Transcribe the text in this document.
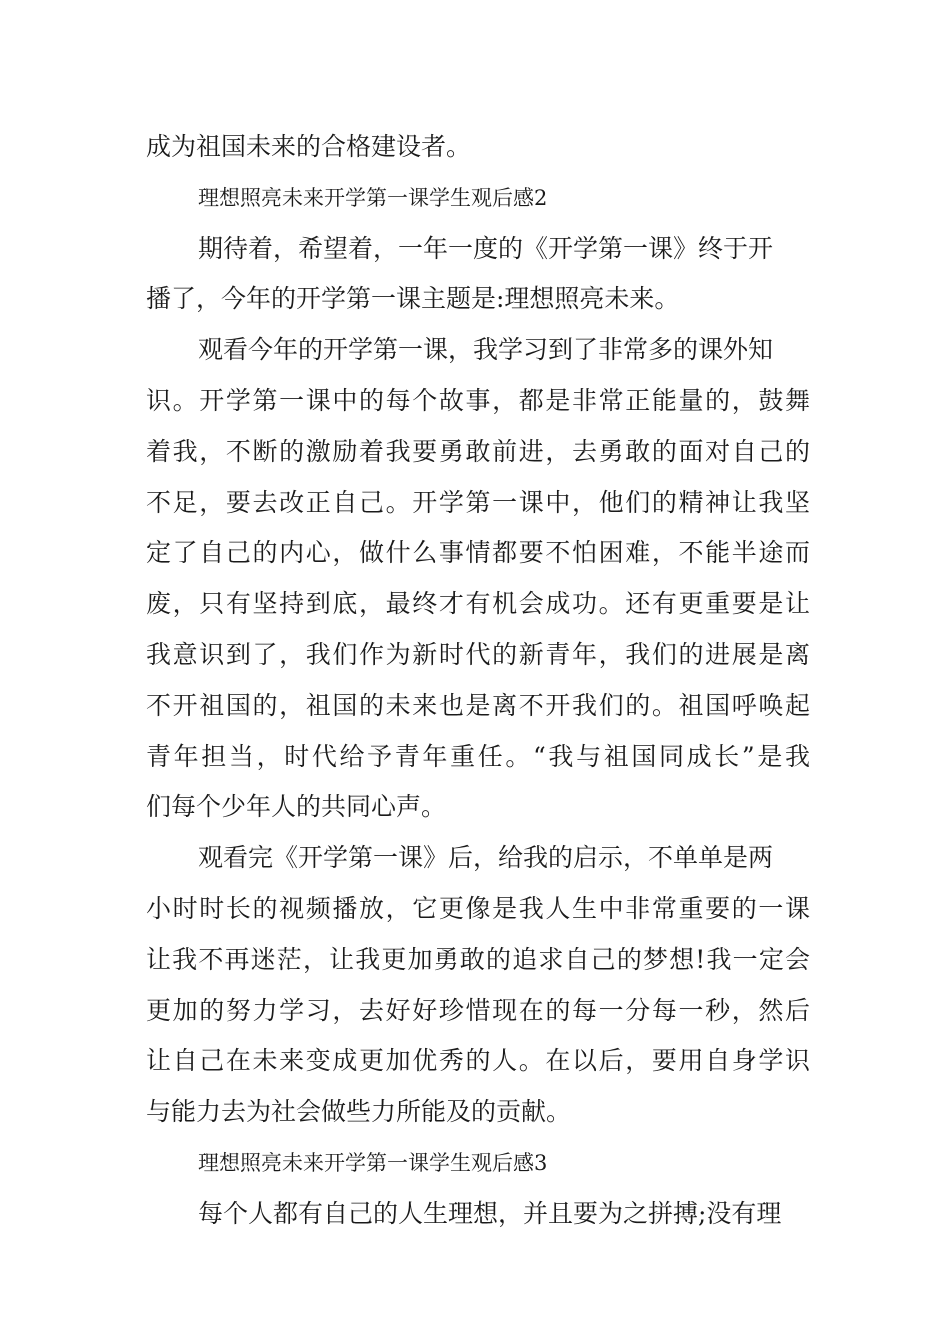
成为祖国未来的合格建设者。
理想照亮未来开学第一课学生观后感2
期待着，希望着，一年一度的《开学第一课》终于开
播了，今年的开学第一课主题是:理想照亮未来。
观看今年的开学第一课，我学习到了非常多的课外知
识。开学第一课中的每个故事，都是非常正能量的，鼓舞
着我，不断的激励着我要勇敢前进，去勇敢的面对自己的
不足，要去改正自己。开学第一课中，他们的精神让我坚
定了自己的内心，做什么事情都要不怕困难，不能半途而
废，只有坚持到底，最终才有机会成功。还有更重要是让
我意识到了，我们作为新时代的新青年，我们的进展是离
不开祖国的，祖国的未来也是离不开我们的。祖国呼唤起
青年担当，时代给予青年重任。“我与祖国同成长”是我
们每个少年人的共同心声。
观看完《开学第一课》后，给我的启示，不单单是两
小时时长的视频播放，它更像是我人生中非常重要的一课
让我不再迷茫，让我更加勇敢的追求自己的梦想!我一定会
更加的努力学习，去好好珍惜现在的每一分每一秒，然后
让自己在未来变成更加优秀的人。在以后，要用自身学识
与能力去为社会做些力所能及的贡献。
理想照亮未来开学第一课学生观后感3
每个人都有自己的人生理想，并且要为之拼搏;没有理
